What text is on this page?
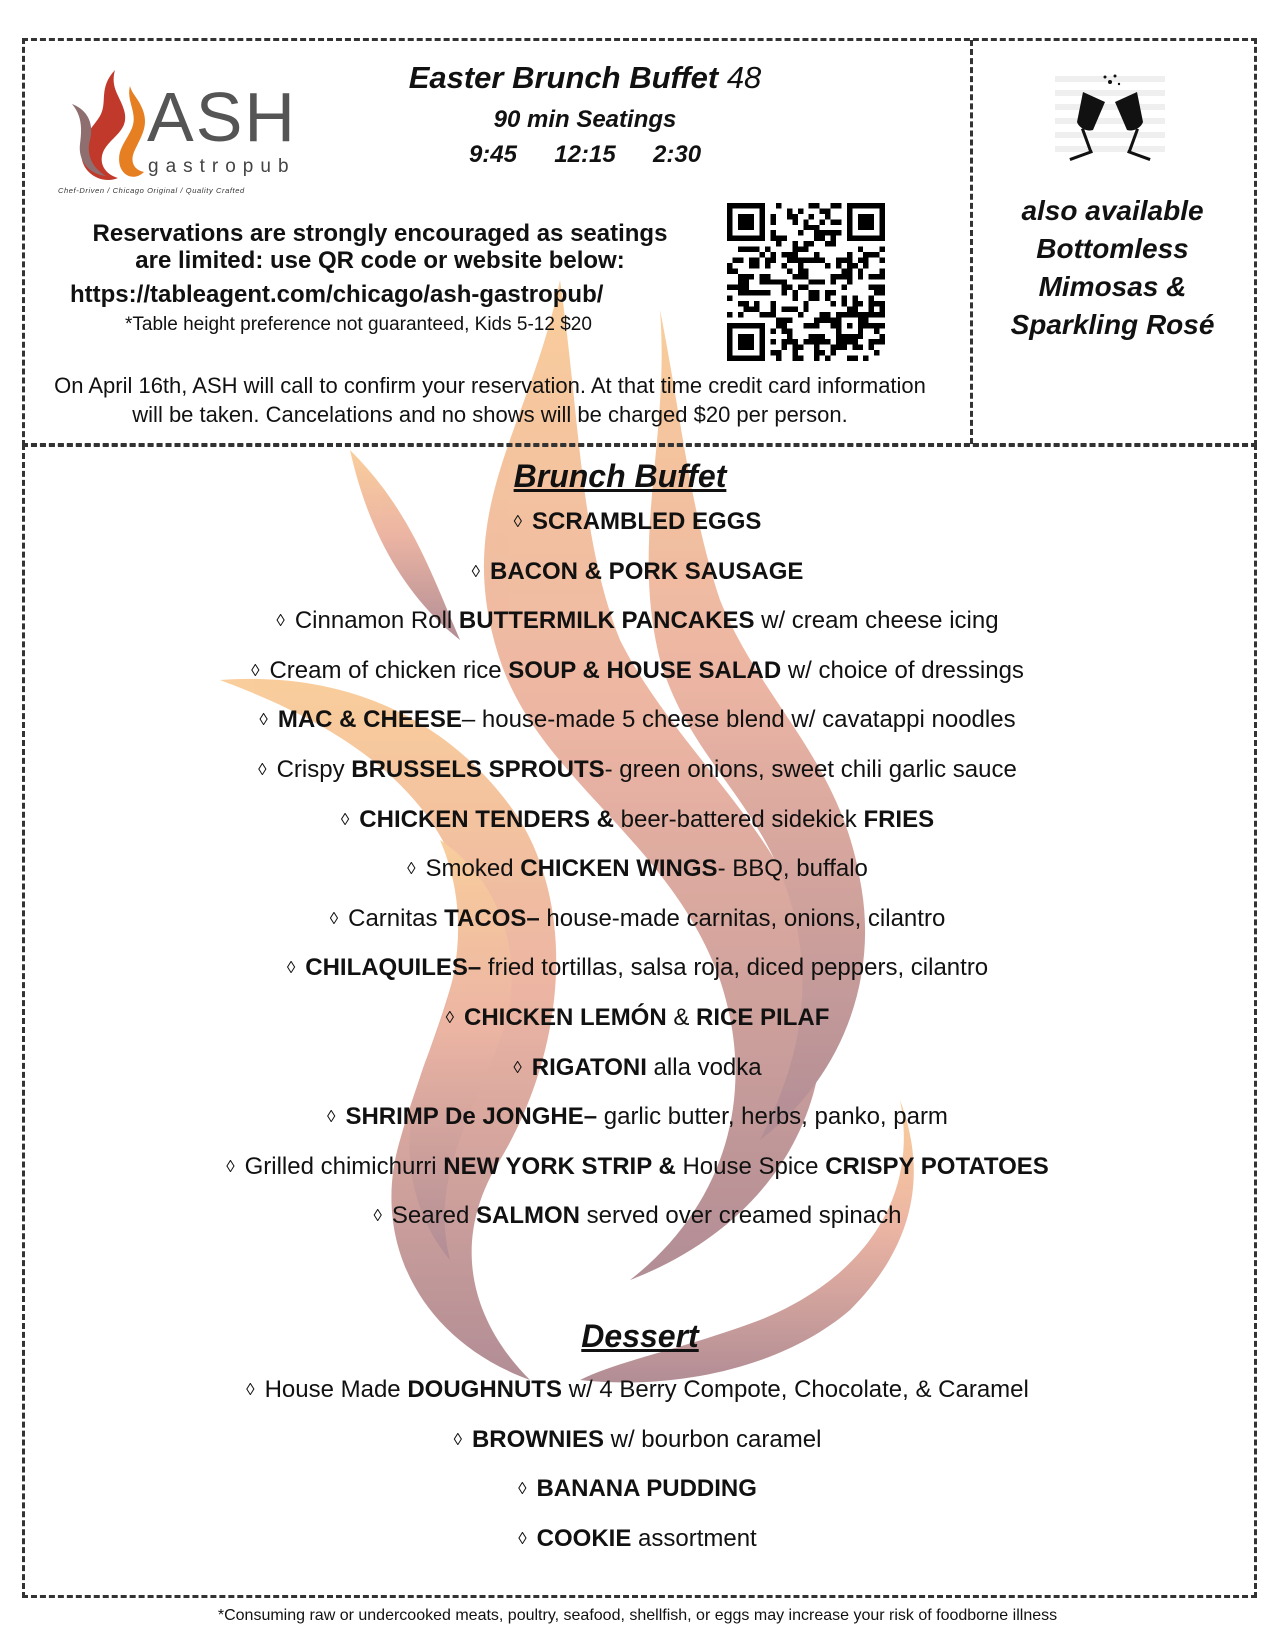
ASH
gastropub
Chef-Driven / Chicago Original / Quality Crafted
Easter Brunch Buffet 48
90 min Seatings
9:45  12:15  2:30
Reservations are strongly encouraged as seatings
are limited: use QR code or website below:
https://tableagent.com/chicago/ash-gastropub/
*Table height preference not guaranteed, Kids 5-12 $20
On April 16th, ASH will call to confirm your reservation. At that time credit card information
will be taken. Cancelations and no shows will be charged $20 per person.
also available
Bottomless
Mimosas &
Sparkling Rosé
Brunch Buffet
◊ SCRAMBLED EGGS
◊ BACON & PORK SAUSAGE
◊ Cinnamon Roll BUTTERMILK PANCAKES w/ cream cheese icing
◊ Cream of chicken rice SOUP & HOUSE SALAD w/ choice of dressings
◊ MAC & CHEESE– house-made 5 cheese blend w/ cavatappi noodles
◊ Crispy BRUSSELS SPROUTS- green onions, sweet chili garlic sauce
◊ CHICKEN TENDERS & beer-battered sidekick FRIES
◊ Smoked CHICKEN WINGS- BBQ, buffalo
◊ Carnitas TACOS– house-made carnitas, onions, cilantro
◊ CHILAQUILES– fried tortillas, salsa roja, diced peppers, cilantro
◊ CHICKEN LEMÓN & RICE PILAF
◊ RIGATONI alla vodka
◊ SHRIMP De JONGHE– garlic butter, herbs, panko, parm
◊ Grilled chimichurri NEW YORK STRIP & House Spice CRISPY POTATOES
◊ Seared SALMON served over creamed spinach
Dessert
◊ House Made DOUGHNUTS w/ 4 Berry Compote, Chocolate, & Caramel
◊ BROWNIES w/ bourbon caramel
◊ BANANA PUDDING
◊ COOKIE assortment
*Consuming raw or undercooked meats, poultry, seafood, shellfish, or eggs may increase your risk of foodborne illness
